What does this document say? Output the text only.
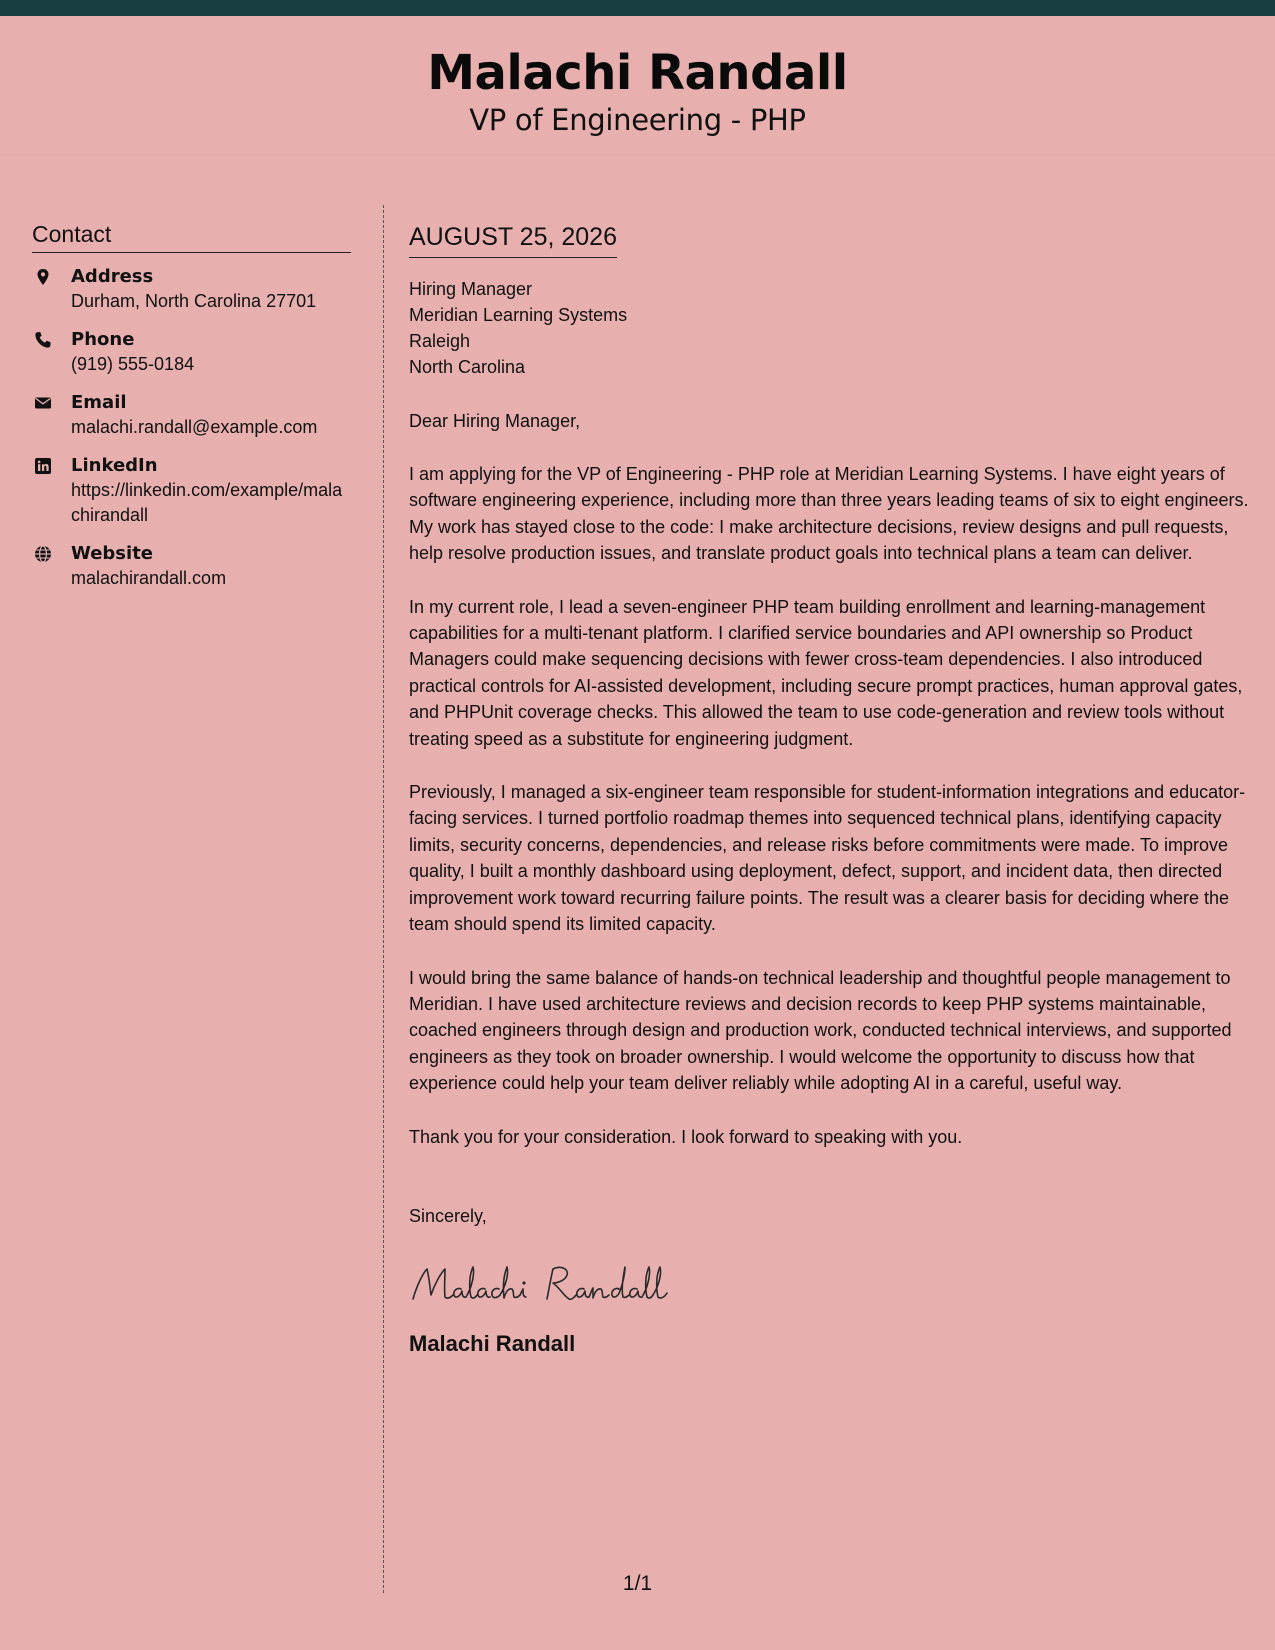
Malachi Randall
VP of Engineering - PHP
Contact
Address
Durham, North Carolina 27701
Phone
(919) 555-0184
Email
malachi.randall@example.com
LinkedIn
https://linkedin.com/example/malachirandall
Website
malachirandall.com
AUGUST 25, 2026
Hiring Manager
Meridian Learning Systems
Raleigh
North Carolina
Dear Hiring Manager,
I am applying for the VP of Engineering - PHP role at Meridian Learning Systems. I have eight years of software engineering experience, including more than three years leading teams of six to eight engineers. My work has stayed close to the code: I make architecture decisions, review designs and pull requests, help resolve production issues, and translate product goals into technical plans a team can deliver.
In my current role, I lead a seven-engineer PHP team building enrollment and learning-management capabilities for a multi-tenant platform. I clarified service boundaries and API ownership so Product Managers could make sequencing decisions with fewer cross-team dependencies. I also introduced practical controls for AI-assisted development, including secure prompt practices, human approval gates, and PHPUnit coverage checks. This allowed the team to use code-generation and review tools without treating speed as a substitute for engineering judgment.
Previously, I managed a six-engineer team responsible for student-information integrations and educator-facing services. I turned portfolio roadmap themes into sequenced technical plans, identifying capacity limits, security concerns, dependencies, and release risks before commitments were made. To improve quality, I built a monthly dashboard using deployment, defect, support, and incident data, then directed improvement work toward recurring failure points. The result was a clearer basis for deciding where the team should spend its limited capacity.
I would bring the same balance of hands-on technical leadership and thoughtful people management to Meridian. I have used architecture reviews and decision records to keep PHP systems maintainable, coached engineers through design and production work, conducted technical interviews, and supported engineers as they took on broader ownership. I would welcome the opportunity to discuss how that experience could help your team deliver reliably while adopting AI in a careful, useful way.
Thank you for your consideration. I look forward to speaking with you.
Sincerely,
Malachi Randall
1/1
